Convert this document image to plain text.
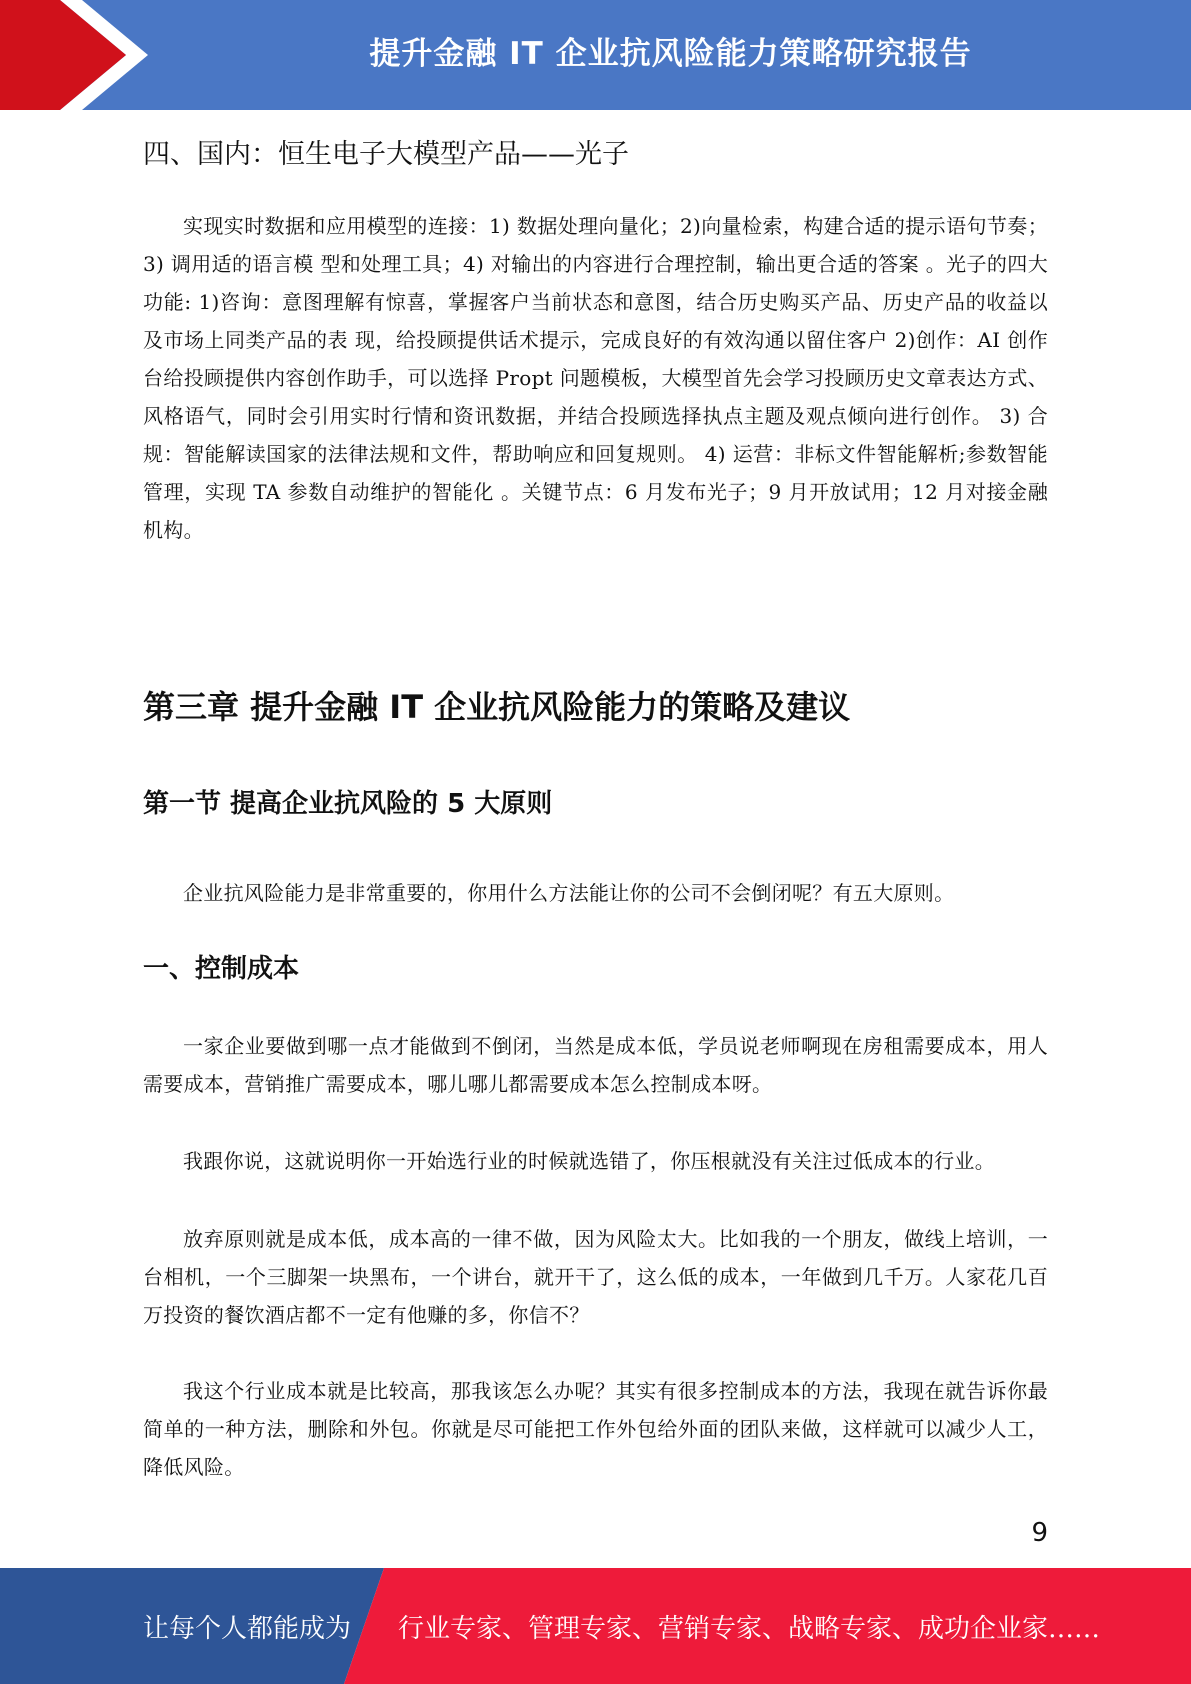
提升金融 IT 企业抗风险能力策略研究报告
四、国内：恒生电子大模型产品——光子

实现实时数据和应用模型的连接：1) 数据处理向量化；2)向量检索，构建合适的提示语句节奏；3) 调用适的语言模 型和处理工具；4) 对输出的内容进行合理控制，输出更合适的答案 。光子的四大功能: 1)咨询：意图理解有惊喜，掌握客户当前状态和意图，结合历史购买产品、历史产品的收益以及市场上同类产品的表 现，给投顾提供话术提示，完成良好的有效沟通以留住客户 2)创作：AI 创作台给投顾提供内容创作助手，可以选择 Propt 问题模板，大模型首先会学习投顾历史文章表达方式、 风格语气，同时会引用实时行情和资讯数据，并结合投顾选择执点主题及观点倾向进行创作。 3) 合规：智能解读国家的法律法规和文件，帮助响应和回复规则。 4) 运营：非标文件智能解析;参数智能管理，实现 TA 参数自动维护的智能化 。关键节点：6 月发布光子；9 月开放试用；12 月对接金融机构。

第三章 提升金融 IT 企业抗风险能力的策略及建议
第一节 提高企业抗风险的 5 大原则

企业抗风险能力是非常重要的，你用什么方法能让你的公司不会倒闭呢？有五大原则。

一、控制成本

一家企业要做到哪一点才能做到不倒闭，当然是成本低，学员说老师啊现在房租需要成本，用人需要成本，营销推广需要成本，哪儿哪儿都需要成本怎么控制成本呀。

我跟你说，这就说明你一开始选行业的时候就选错了，你压根就没有关注过低成本的行业。

放弃原则就是成本低，成本高的一律不做，因为风险太大。比如我的一个朋友，做线上培训，一台相机，一个三脚架一块黑布，一个讲台，就开干了，这么低的成本，一年做到几千万。人家花几百万投资的餐饮酒店都不一定有他赚的多，你信不？

我这个行业成本就是比较高，那我该怎么办呢？其实有很多控制成本的方法，我现在就告诉你最简单的一种方法，删除和外包。你就是尽可能把工作外包给外面的团队来做，这样就可以减少人工，降低风险。

9
让每个人都能成为 行业专家、管理专家、营销专家、战略专家、成功企业家……
